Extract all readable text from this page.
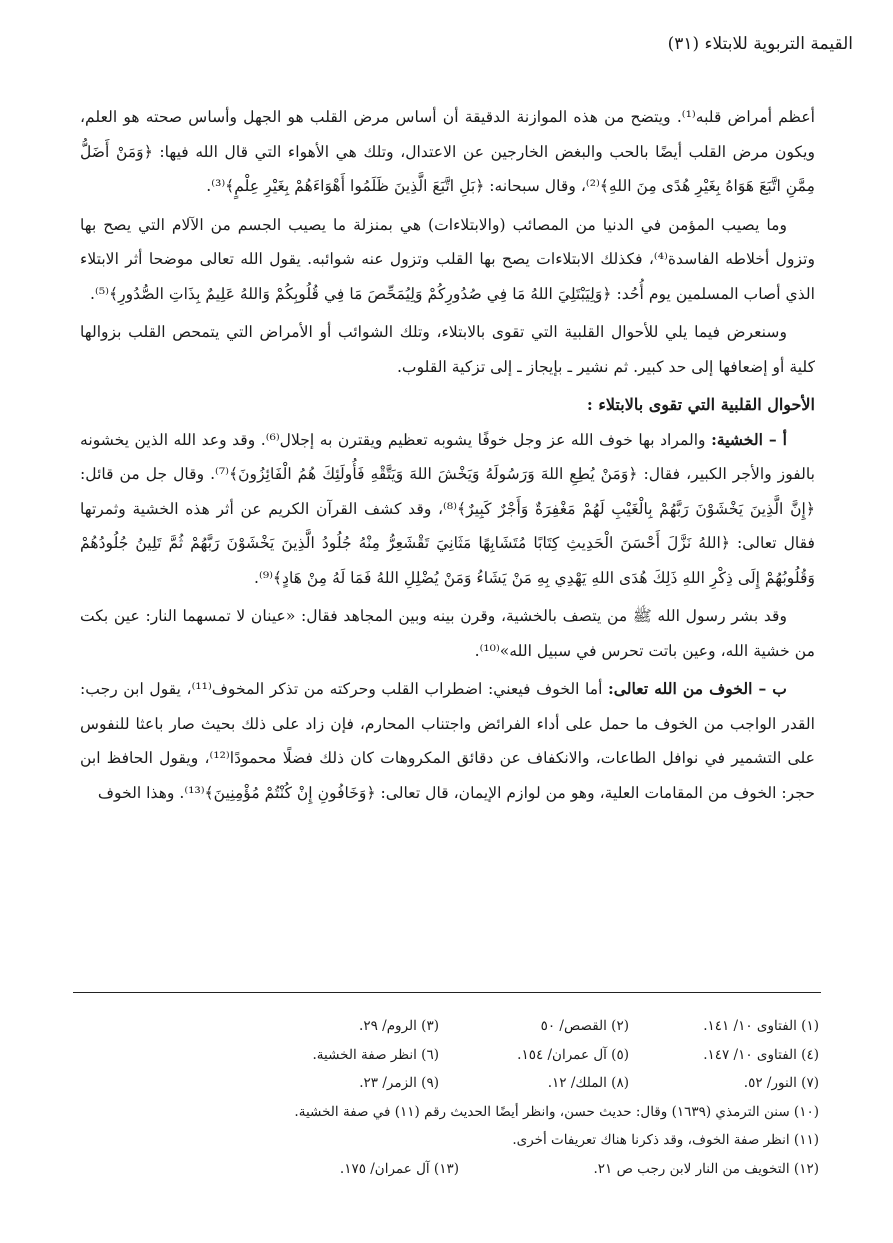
القيمة التربوية للابتلاء (٣١)

أعظم أمراض قلبه⁽¹⁾. ويتضح من هذه الموازنة الدقيقة أن أساس مرض القلب هو الجهل وأساس صحته هو العلم، ويكون مرض القلب أيضًا بالحب والبغض الخارجين عن الاعتدال، وتلك هي الأهواء التي قال الله فيها: ﴿وَمَنْ أَضَلُّ مِمَّنِ اتَّبَعَ هَوَاهُ بِغَيْرِ هُدًى مِنَ اللهِ﴾⁽²⁾، وقال سبحانه: ﴿بَلِ اتَّبَعَ الَّذِينَ ظَلَمُوا أَهْوَاءَهُمْ بِغَيْرِ عِلْمٍ﴾⁽³⁾.

وما يصيب المؤمن في الدنيا من المصائب (والابتلاءات) هي بمنزلة ما يصيب الجسم من الآلام التي يصح بها وتزول أخلاطه الفاسدة⁽⁴⁾، فكذلك الابتلاءات يصح بها القلب وتزول عنه شوائبه. يقول الله تعالى موضحا أثر الابتلاء الذي أصاب المسلمين يوم أُحُد: ﴿وَلِيَبْتَلِيَ اللهُ مَا فِي صُدُورِكُمْ وَلِيُمَحِّصَ مَا فِي قُلُوبِكُمْ وَاللهُ عَلِيمٌ بِذَاتِ الصُّدُورِ﴾⁽⁵⁾.

وسنعرض فيما يلي للأحوال القلبية التي تقوى بالابتلاء، وتلك الشوائب أو الأمراض التي يتمحص القلب بزوالها كلية أو إضعافها إلى حد كبير. ثم نشير ـ بإيجاز ـ إلى تزكية القلوب.

الأحوال القلبية التي تقوى بالابتلاء :

أ – الخشية: والمراد بها خوف الله عز وجل خوفًا يشوبه تعظيم ويقترن به إجلال⁽⁶⁾. وقد وعد الله الذين يخشونه بالفوز والأجر الكبير، فقال: ﴿وَمَنْ يُطِعِ اللهَ وَرَسُولَهُ وَيَخْشَ اللهَ وَيَتَّقْهِ فَأُولَئِكَ هُمُ الْفَائِزُونَ﴾⁽⁷⁾. وقال جل من قائل: ﴿إِنَّ الَّذِينَ يَخْشَوْنَ رَبَّهُمْ بِالْغَيْبِ لَهُمْ مَغْفِرَةٌ وَأَجْرٌ كَبِيرٌ﴾⁽⁸⁾، وقد كشف القرآن الكريم عن أثر هذه الخشية وثمرتها فقال تعالى: ﴿اللهُ نَزَّلَ أَحْسَنَ الْحَدِيثِ كِتَابًا مُتَشَابِهًا مَثَانِيَ تَقْشَعِرُّ مِنْهُ جُلُودُ الَّذِينَ يَخْشَوْنَ رَبَّهُمْ ثُمَّ تَلِينُ جُلُودُهُمْ وَقُلُوبُهُمْ إِلَى ذِكْرِ اللهِ ذَلِكَ هُدَى اللهِ يَهْدِي بِهِ مَنْ يَشَاءُ وَمَنْ يُضْلِلِ اللهُ فَمَا لَهُ مِنْ هَادٍ﴾⁽⁹⁾.

وقد بشر رسول الله ﷺ من يتصف بالخشية، وقرن بينه وبين المجاهد فقال: «عينان لا تمسهما النار: عين بكت من خشية الله، وعين باتت تحرس في سبيل الله»⁽¹⁰⁾.

ب – الخوف من الله تعالى: أما الخوف فيعني: اضطراب القلب وحركته من تذكر المخوف⁽¹¹⁾، يقول ابن رجب: القدر الواجب من الخوف ما حمل على أداء الفرائض واجتناب المحارم، فإن زاد على ذلك بحيث صار باعثا للنفوس على التشمير في نوافل الطاعات، والانكفاف عن دقائق المكروهات كان ذلك فضلًا محمودًا⁽¹²⁾، ويقول الحافظ ابن حجر: الخوف من المقامات العلية، وهو من لوازم الإيمان، قال تعالى: ﴿وَخَافُونِ إِنْ كُنْتُمْ مُؤْمِنِينَ﴾⁽¹³⁾. وهذا الخوف

(١) الفتاوى ١٠/ ١٤١.
(٢) القصص/ ٥٠
(٣) الروم/ ٢٩.
(٤) الفتاوى ١٠/ ١٤٧.
(٥) آل عمران/ ١٥٤.
(٦) انظر صفة الخشية.
(٧) النور/ ٥٢.
(٨) الملك/ ١٢.
(٩) الزمر/ ٢٣.
(١٠) سنن الترمذي (١٦٣٩) وقال: حديث حسن، وانظر أيضًا الحديث رقم (١١) في صفة الخشية.
(١١) انظر صفة الخوف، وقد ذكرنا هناك تعريفات أخرى.
(١٢) التخويف من النار لابن رجب ص ٢١.
(١٣) آل عمران/ ١٧٥.
